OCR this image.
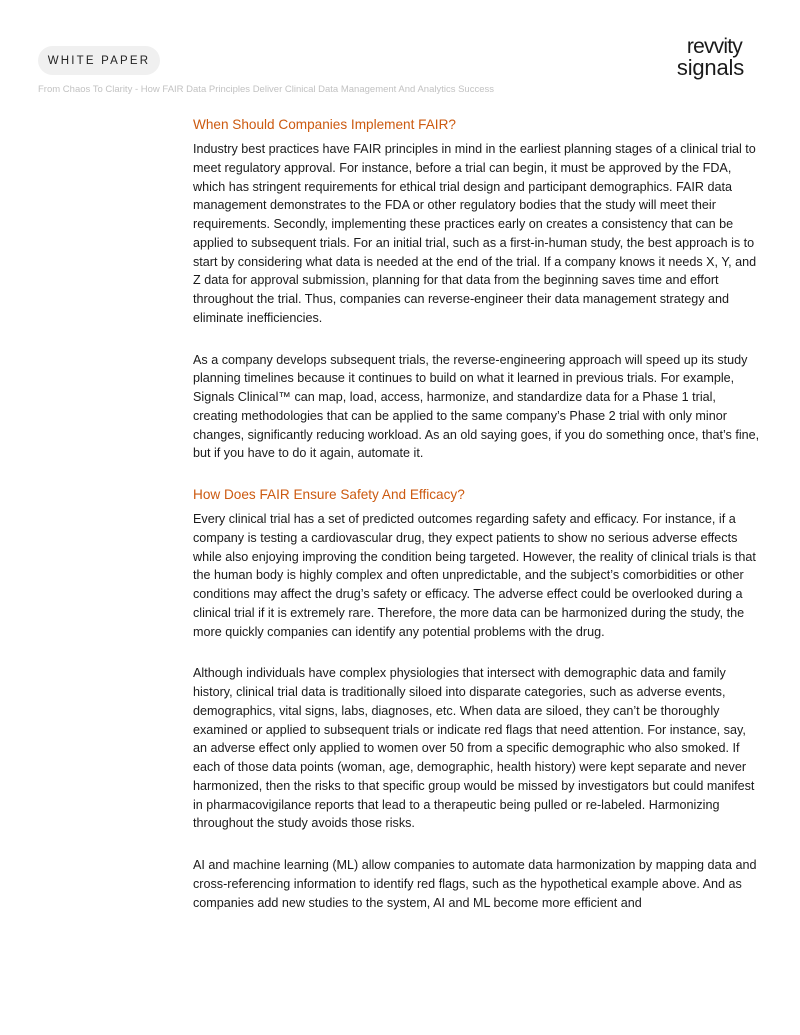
WHITE PAPER
From Chaos To Clarity - How FAIR Data Principles Deliver Clinical Data Management And Analytics Success
revvity
signals
When Should Companies Implement FAIR?

Industry best practices have FAIR principles in mind in the earliest planning stages of a clinical trial to meet regulatory approval. For instance, before a trial can begin, it must be approved by the FDA, which has stringent requirements for ethical trial design and participant demographics. FAIR data management demonstrates to the FDA or other regulatory bodies that the study will meet their requirements. Secondly, implementing these practices early on creates a consistency that can be applied to subsequent trials. For an initial trial, such as a first-in-human study, the best approach is to start by considering what data is needed at the end of the trial. If a company knows it needs X, Y, and Z data for approval submission, planning for that data from the beginning saves time and effort throughout the trial. Thus, companies can reverse-engineer their data management strategy and eliminate inefficiencies.

As a company develops subsequent trials, the reverse-engineering approach will speed up its study planning timelines because it continues to build on what it learned in previous trials. For example, Signals Clinical™ can map, load, access, harmonize, and standardize data for a Phase 1 trial, creating methodologies that can be applied to the same company’s Phase 2 trial with only minor changes, significantly reducing workload. As an old saying goes, if you do something once, that’s fine, but if you have to do it again, automate it.

How Does FAIR Ensure Safety And Efficacy?

Every clinical trial has a set of predicted outcomes regarding safety and efficacy. For instance, if a company is testing a cardiovascular drug, they expect patients to show no serious adverse effects while also enjoying improving the condition being targeted. However, the reality of clinical trials is that the human body is highly complex and often unpredictable, and the subject’s comorbidities or other conditions may affect the drug’s safety or efficacy. The adverse effect could be overlooked during a clinical trial if it is extremely rare. Therefore, the more data can be harmonized during the study, the more quickly companies can identify any potential problems with the drug.

Although individuals have complex physiologies that intersect with demographic data and family history, clinical trial data is traditionally siloed into disparate categories, such as adverse events, demographics, vital signs, labs, diagnoses, etc. When data are siloed, they can’t be thoroughly examined or applied to subsequent trials or indicate red flags that need attention. For instance, say, an adverse effect only applied to women over 50 from a specific demographic who also smoked. If each of those data points (woman, age, demographic, health history) were kept separate and never harmonized, then the risks to that specific group would be missed by investigators but could manifest in pharmacovigilance reports that lead to a therapeutic being pulled or re-labeled. Harmonizing throughout the study avoids those risks.

AI and machine learning (ML) allow companies to automate data harmonization by mapping data and cross-referencing information to identify red flags, such as the hypothetical example above. And as companies add new studies to the system, AI and ML become more efficient and
